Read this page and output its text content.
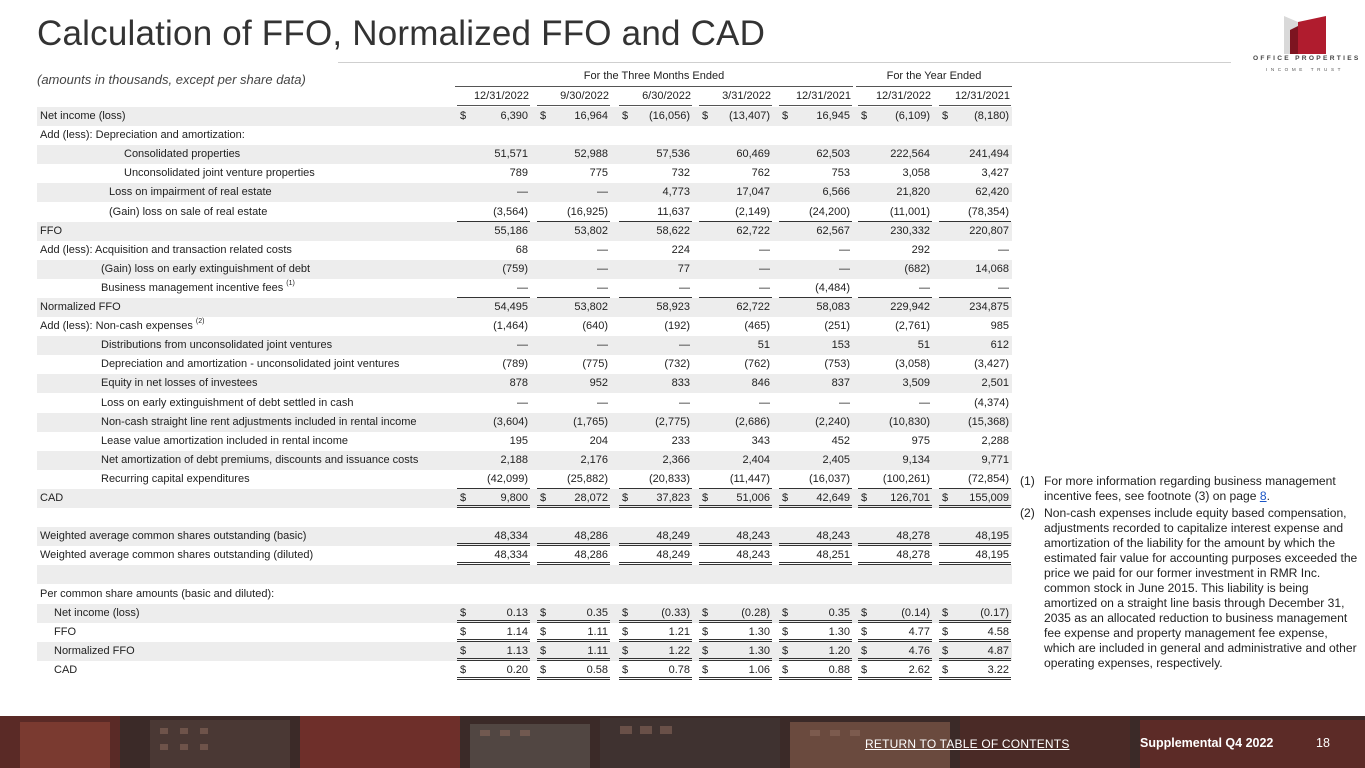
Calculation of FFO, Normalized FFO and CAD
OFFICE PROPERTIES
INCOME TRUST
(amounts in thousands, except per share data)	For the Three Months Ended	For the Year Ended
12/31/2022	9/30/2022	6/30/2022	3/31/2022	12/31/2021	12/31/2022	12/31/2021
Net income (loss)	$	6,390 $	16,964 $ (16,056) $ (13,407) $	16,945 $	(6,109) $ (8,180)
Add (less): Depreciation and amortization:
Consolidated properties	51,571	52,988	57,536	60,469	62,503	222,564	241,494
Unconsolidated joint venture properties	789	775	732	762	753	3,058	3,427
Loss on impairment of real estate	—	—	4,773	17,047	6,566	21,820	62,420
(Gain) loss on sale of real estate	(3,564)	(16,925)	11,637	(2,149)	(24,200)	(11,001)	(78,354)
FFO	55,186	53,802	58,622	62,722	62,567	230,332	220,807
Add (less): Acquisition and transaction related costs	68	—	224	—	—	292	—
(Gain) loss on early extinguishment of debt	(759)	—	77	—	—	(682)	14,068
Business management incentive fees $^{(1)}$	—	—	—	—	(4,484)	—	—
Normalized FFO	54,495	53,802	58,923	62,722	58,083	229,942	234,875
Add (less): Non-cash expenses $^{(2)}$	(1,464)	(640)	(192)	(465)	(251)	(2,761)	985
Distributions from unconsolidated joint ventures	—	—	—	51	153	51	612
Depreciation and amortization - unconsolidated joint ventures	(789)	(775)	(732)	(762)	(753)	(3,058)	(3,427)
Equity in net losses of investees	878	952	833	846	837	3,509	2,501
Loss on early extinguishment of debt settled in cash	—	—	—	—	—	—	(4,374)
Non-cash straight line rent adjustments included in rental income	(3,604)	(1,765)	(2,775)	(2,686)	(2,240)	(10,830)	(15,368)
Lease value amortization included in rental income	195	204	233	343	452	975	2,288
Net amortization of debt premiums, discounts and issuance costs	2,188	2,176	2,366	2,404	2,405	9,134	9,771
Recurring capital expenditures	(42,099)	(25,882)	(20,833)	(11,447)	(16,037)	(100,261)	(72,854)
CAD	$	9,800 $	28,072 $	37,823 $	51,006 $	42,649 $ 126,701 $ 155,009
Weighted average common shares outstanding (basic)	48,334	48,286	48,249	48,243	48,243	48,278	48,195
Weighted average common shares outstanding (diluted)	48,334	48,286	48,249	48,243	48,251	48,278	48,195
Per common share amounts (basic and diluted):
Net income (loss)	$	0.13 $	0.35 $	(0.33) $	(0.28) $	0.35 $	(0.14) $	(0.17)
FFO	$	1.14 $	1.11 $	1.21 $	1.30 $	1.30 $	4.77 $	4.58
Normalized FFO	$	1.13 $	1.11 $	1.22 $	1.30 $	1.20 $	4.76 $	4.87
CAD	$	0.20 $	0.58 $	0.78 $	1.06 $	0.88 $	2.62 $	3.22
(1) For more information regarding business management incentive fees, see footnote (3) on page 8.
(2) Non-cash expenses include equity based compensation, adjustments recorded to capitalize interest expense and amortization of the liability for the amount by which the estimated fair value for accounting purposes exceeded the price we paid for our former investment in RMR Inc. common stock in June 2015. This liability is being amortized on a straight line basis through December 31, 2035 as an allocated reduction to business management fee expense and property management fee expense, which are included in general and administrative and other operating expenses, respectively.
RETURN TO TABLE OF CONTENTS	Supplemental Q4 2022	18
